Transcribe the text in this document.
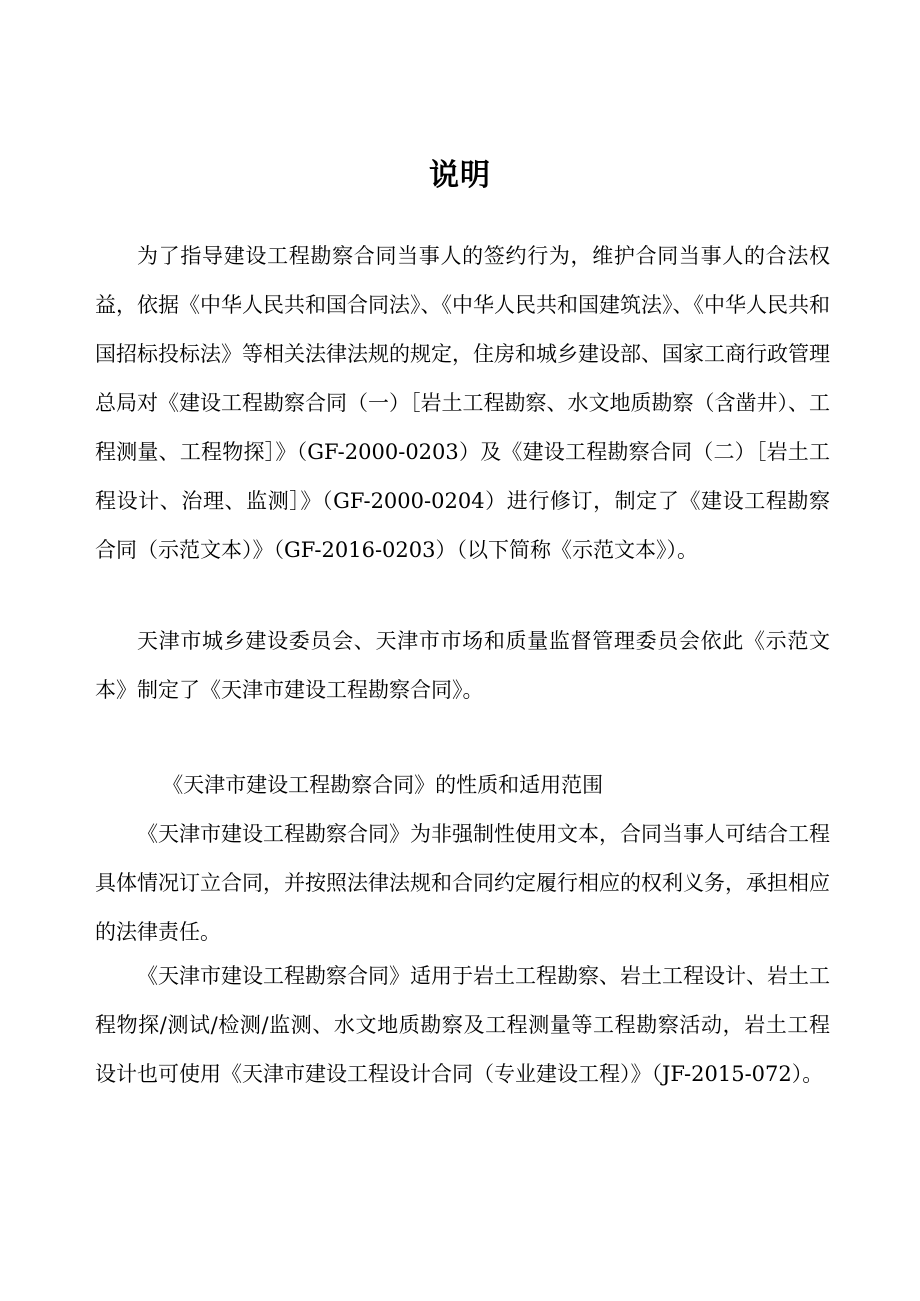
说明

为了指导建设工程勘察合同当事人的签约行为，维护合同当事人的合法权益，依据《中华人民共和国合同法》、《中华人民共和国建筑法》、《中华人民共和国招标投标法》等相关法律法规的规定，住房和城乡建设部、国家工商行政管理总局对《建设工程勘察合同（一）［岩土工程勘察、水文地质勘察（含凿井）、工程测量、工程物探］》（GF-2000-0203）及《建设工程勘察合同（二）［岩土工程设计、治理、监测］》（GF-2000-0204）进行修订，制定了《建设工程勘察合同（示范文本）》（GF-2016-0203）（以下简称《示范文本》）。

天津市城乡建设委员会、天津市市场和质量监督管理委员会依此《示范文本》制定了《天津市建设工程勘察合同》。

《天津市建设工程勘察合同》的性质和适用范围

《天津市建设工程勘察合同》为非强制性使用文本，合同当事人可结合工程具体情况订立合同，并按照法律法规和合同约定履行相应的权利义务，承担相应的法律责任。

《天津市建设工程勘察合同》适用于岩土工程勘察、岩土工程设计、岩土工程物探/测试/检测/监测、水文地质勘察及工程测量等工程勘察活动，岩土工程设计也可使用《天津市建设工程设计合同（专业建设工程）》（JF-2015-072）。
